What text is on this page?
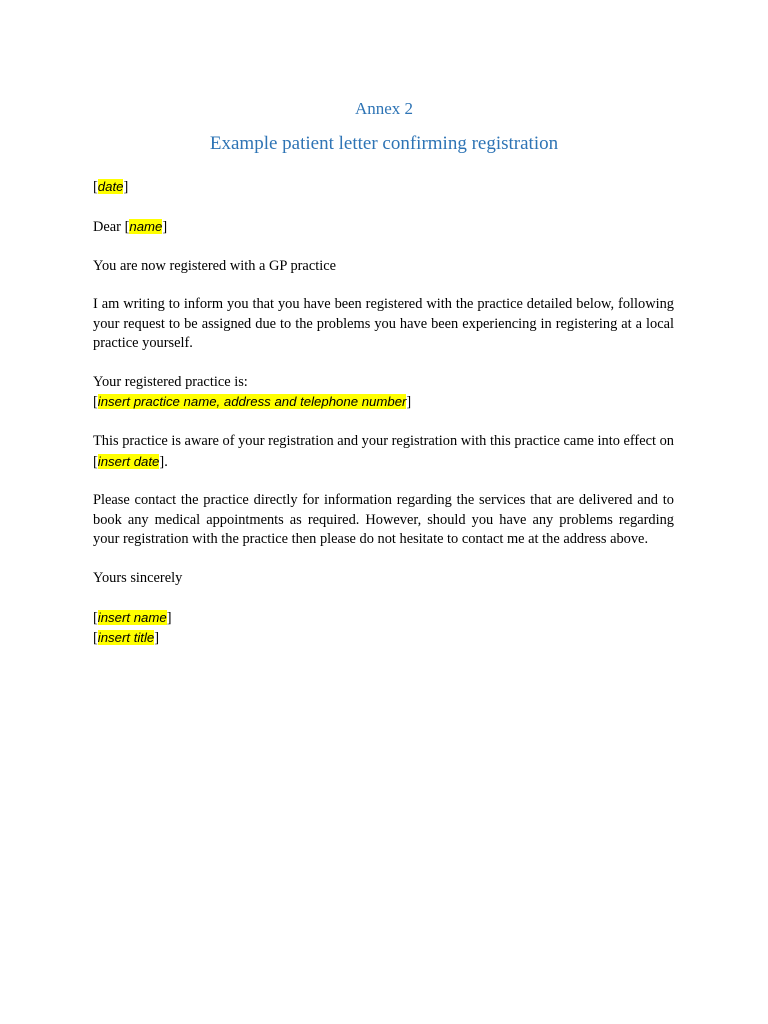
Annex 2
Example patient letter confirming registration

[date]

Dear [name]

You are now registered with a GP practice

I am writing to inform you that you have been registered with the practice detailed below, following your request to be assigned due to the problems you have been experiencing in registering at a local practice yourself.

Your registered practice is:
[insert practice name, address and telephone number]

This practice is aware of your registration and your registration with this practice came into effect on [insert date].

Please contact the practice directly for information regarding the services that are delivered and to book any medical appointments as required. However, should you have any problems regarding your registration with the practice then please do not hesitate to contact me at the address above.

Yours sincerely

[insert name]
[insert title]
